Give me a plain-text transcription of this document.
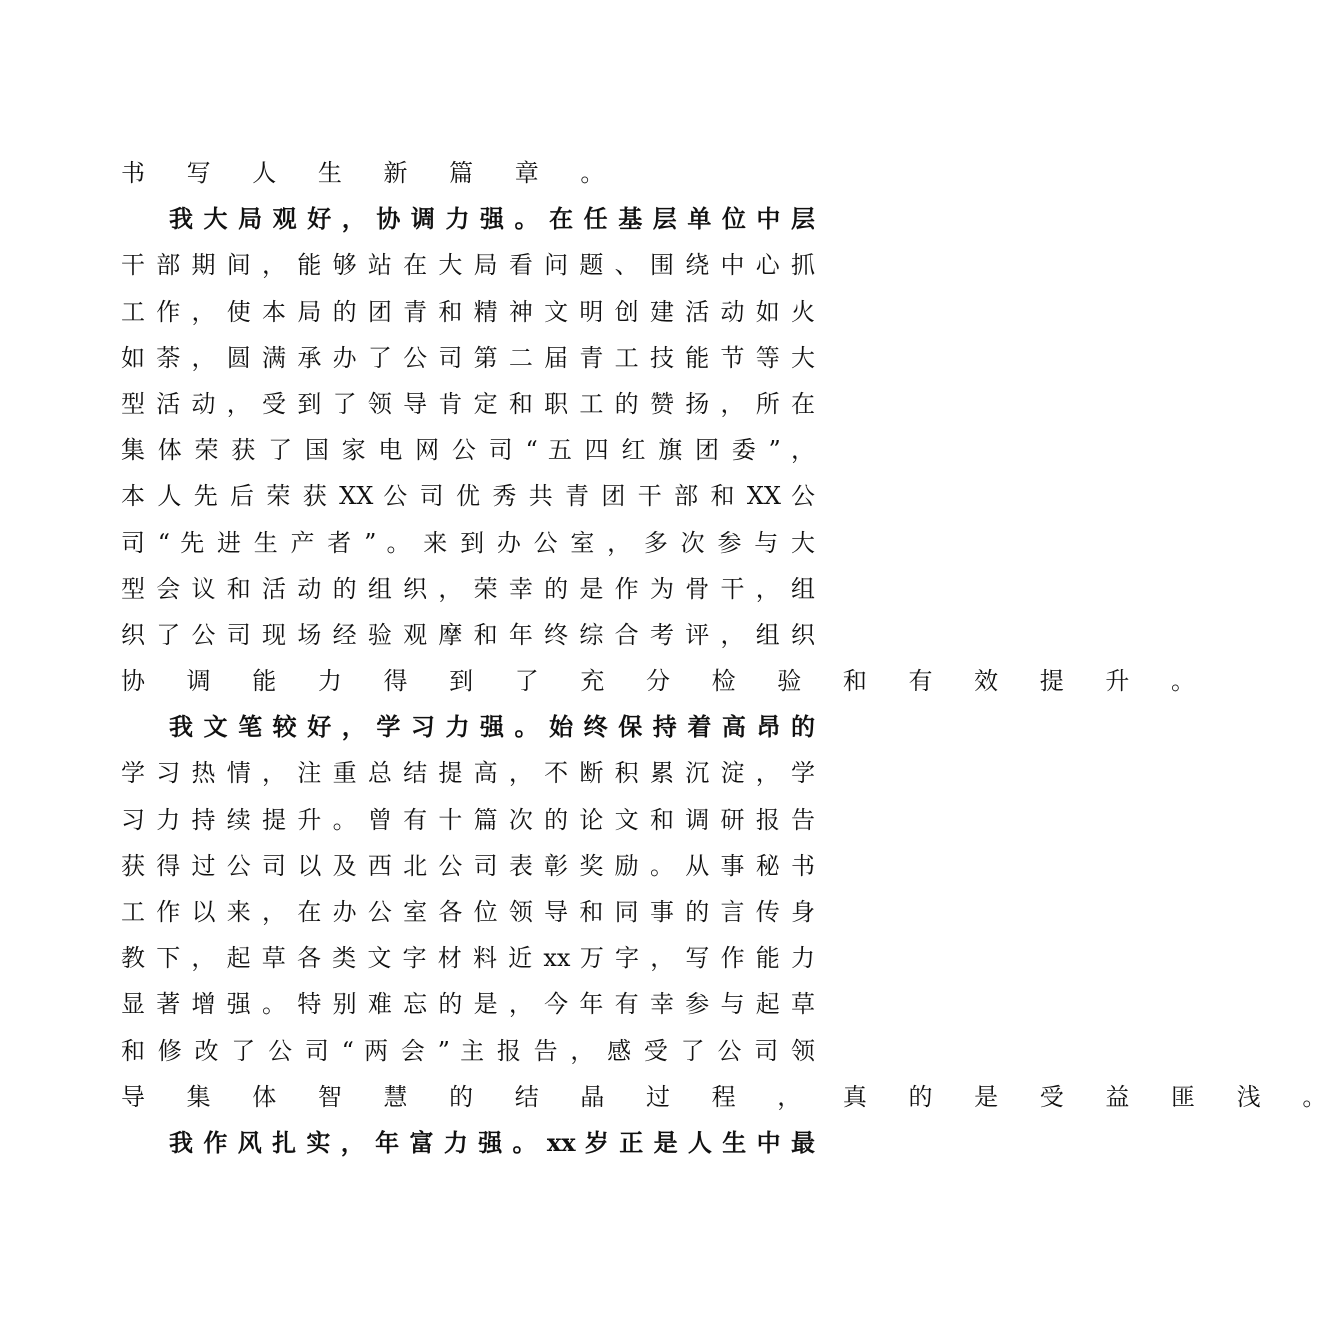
书 写 人 生 新 篇 章 。
我 大 局 观 好 ， 协 调 力 强 。 在 任 基 层 单 位 中 层
干 部 期 间 ， 能 够 站 在 大 局 看 问 题 、 围 绕 中 心 抓
工 作 ， 使 本 局 的 团 青 和 精 神 文 明 创 建 活 动 如 火
如 荼 ， 圆 满 承 办 了 公 司 第 二 届 青 工 技 能 节 等 大
型 活 动 ， 受 到 了 领 导 肯 定 和 职 工 的 赞 扬 ， 所 在
集 体 荣 获 了 国 家 电 网 公 司 “ 五 四 红 旗 团 委 ” ，
本 人 先 后 荣 获 XX 公 司 优 秀 共 青 团 干 部 和 XX 公
司 “ 先 进 生 产 者 ” 。 来 到 办 公 室 ， 多 次 参 与 大
型 会 议 和 活 动 的 组 织 ， 荣 幸 的 是 作 为 骨 干 ， 组
织 了 公 司 现 场 经 验 观 摩 和 年 终 综 合 考 评 ， 组 织
协 调 能 力 得 到 了 充 分 检 验 和 有 效 提 升 。
我 文 笔 较 好 ， 学 习 力 强 。 始 终 保 持 着 高 昂 的
学 习 热 情 ， 注 重 总 结 提 高 ， 不 断 积 累 沉 淀 ， 学
习 力 持 续 提 升 。 曾 有 十 篇 次 的 论 文 和 调 研 报 告
获 得 过 公 司 以 及 西 北 公 司 表 彰 奖 励 。 从 事 秘 书
工 作 以 来 ， 在 办 公 室 各 位 领 导 和 同 事 的 言 传 身
教 下 ， 起 草 各 类 文 字 材 料 近 xx 万 字 ， 写 作 能 力
显 著 增 强 。 特 别 难 忘 的 是 ， 今 年 有 幸 参 与 起 草
和 修 改 了 公 司 “ 两 会 ” 主 报 告 ， 感 受 了 公 司 领
导 集 体 智 慧 的 结 晶 过 程 ， 真 的 是 受 益 匪 浅 。
我 作 风 扎 实 ， 年 富 力 强 。 xx 岁 正 是 人 生 中 最
